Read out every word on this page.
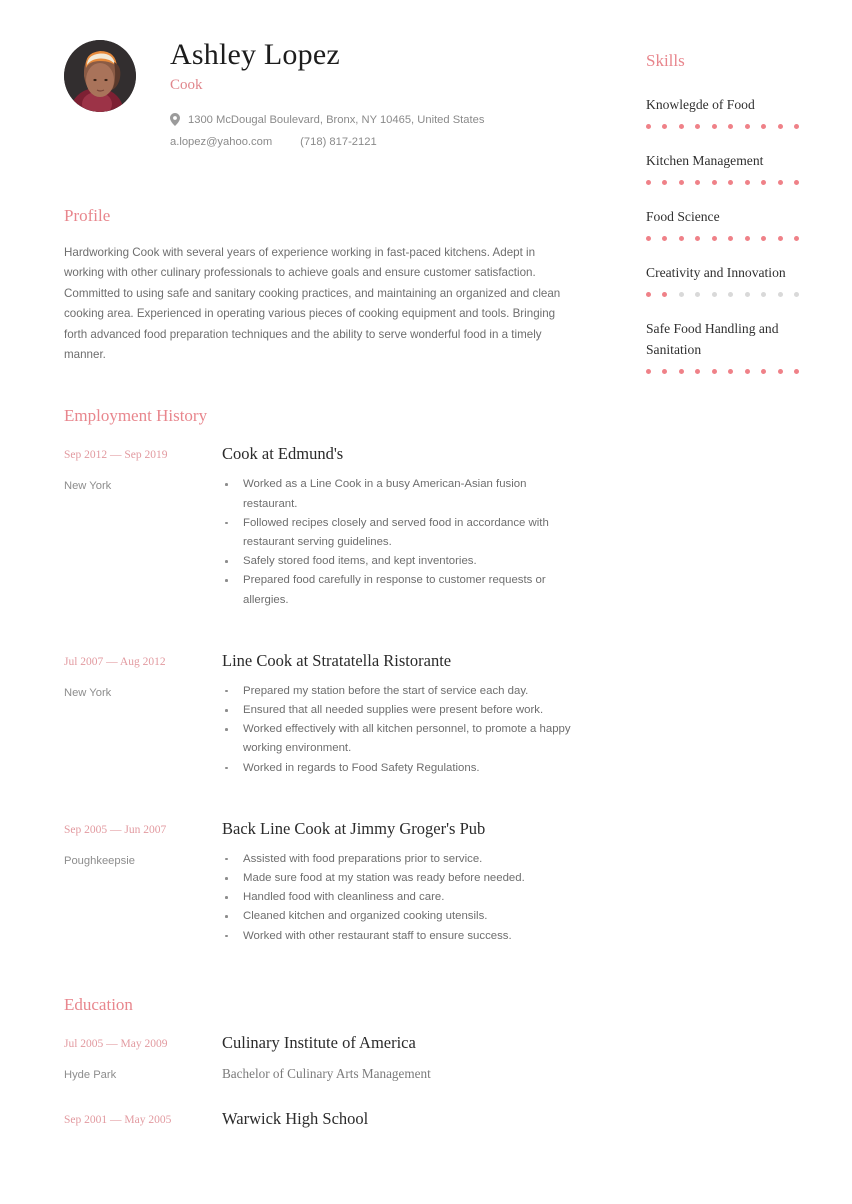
Ashley Lopez
Cook
1300 McDougal Boulevard, Bronx, NY 10465, United States
a.lopez@yahoo.com	(718) 817-2121
Profile

Hardworking Cook with several years of experience working in fast-paced kitchens. Adept in working with other culinary professionals to achieve goals and ensure customer satisfaction. Committed to using safe and sanitary cooking practices, and maintaining an organized and clean cooking area. Experienced in operating various pieces of cooking equipment and tools. Bringing forth advanced food preparation techniques and the ability to serve wonderful food in a timely manner.

Employment History

Sep 2012 — Sep 2019

New York

Cook at Edmund's
Worked as a Line Cook in a busy American-Asian fusion restaurant.
Followed recipes closely and served food in accordance with restaurant serving guidelines.
Safely stored food items, and kept inventories.
Prepared food carefully in response to customer requests or allergies.

Jul 2007 — Aug 2012

New York

Line Cook at Stratatella Ristorante
Prepared my station before the start of service each day.
Ensured that all needed supplies were present before work.
Worked effectively with all kitchen personnel, to promote a happy working environment.
Worked in regards to Food Safety Regulations.

Sep 2005 — Jun 2007

Poughkeepsie

Back Line Cook at Jimmy Groger's Pub
Assisted with food preparations prior to service.
Made sure food at my station was ready before needed.
Handled food with cleanliness and care.
Cleaned kitchen and organized cooking utensils.
Worked with other restaurant staff to ensure success.
Education

Jul 2005 — May 2009

Hyde Park

Culinary Institute of America

Bachelor of Culinary Arts Management

Sep 2001 — May 2005	Warwick High School
Skills

Knowlegde of Food

Kitchen Management

Food Science

Creativity and Innovation

Safe Food Handling and Sanitation
